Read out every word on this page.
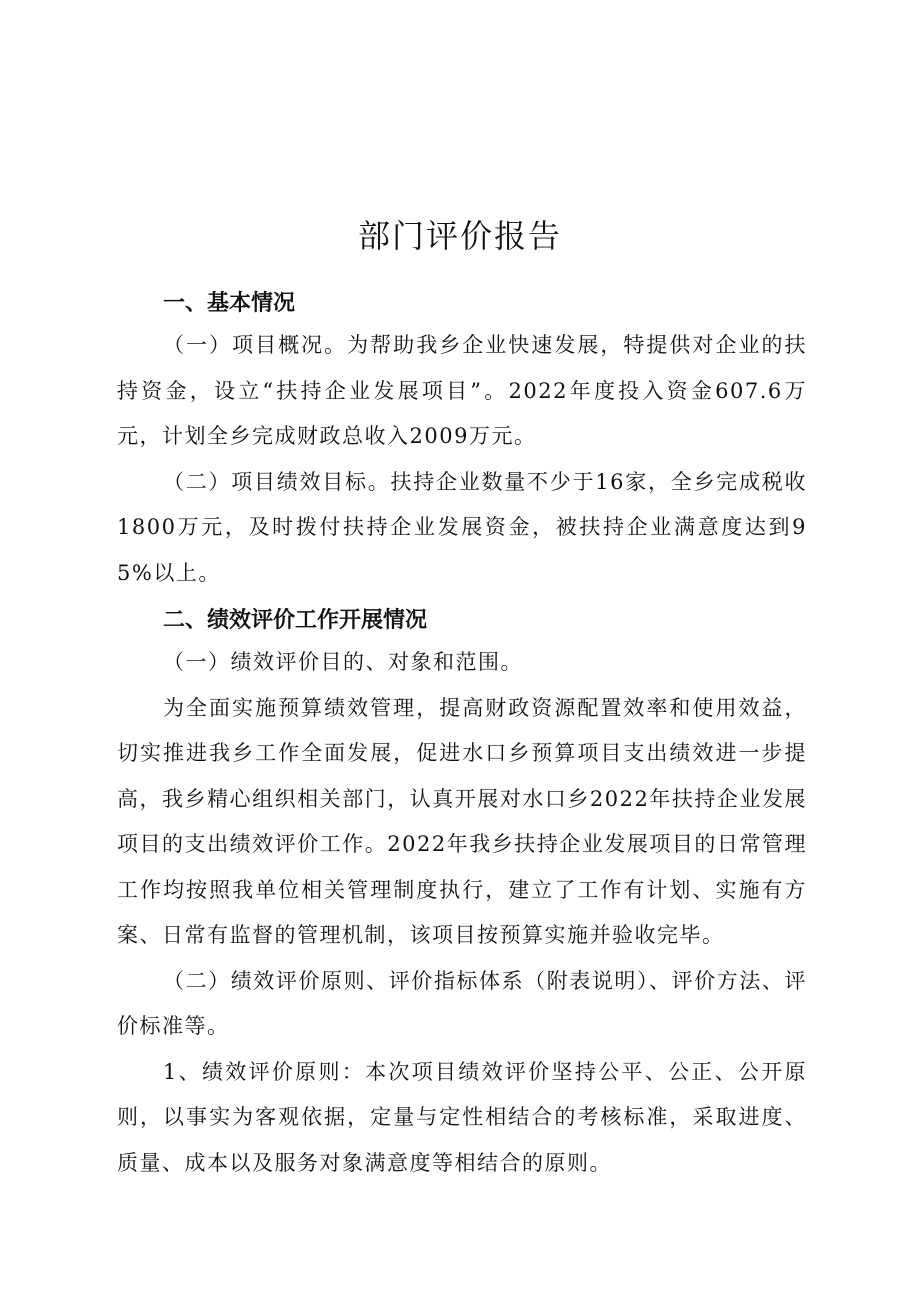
部门评价报告
一、基本情况

（一）项目概况。为帮助我乡企业快速发展，特提供对企业的扶持资金，设立“扶持企业发展项目”。2022年度投入资金607.6万元，计划全乡完成财政总收入2009万元。

（二）项目绩效目标。扶持企业数量不少于16家，全乡完成税收1800万元，及时拨付扶持企业发展资金，被扶持企业满意度达到95%以上。

二、绩效评价工作开展情况

（一）绩效评价目的、对象和范围。

为全面实施预算绩效管理，提高财政资源配置效率和使用效益，切实推进我乡工作全面发展，促进水口乡预算项目支出绩效进一步提高，我乡精心组织相关部门，认真开展对水口乡2022年扶持企业发展项目的支出绩效评价工作。2022年我乡扶持企业发展项目的日常管理工作均按照我单位相关管理制度执行，建立了工作有计划、实施有方案、日常有监督的管理机制，该项目按预算实施并验收完毕。

（二）绩效评价原则、评价指标体系（附表说明）、评价方法、评价标准等。

1、绩效评价原则：本次项目绩效评价坚持公平、公正、公开原则，以事实为客观依据，定量与定性相结合的考核标准，采取进度、质量、成本以及服务对象满意度等相结合的原则。
